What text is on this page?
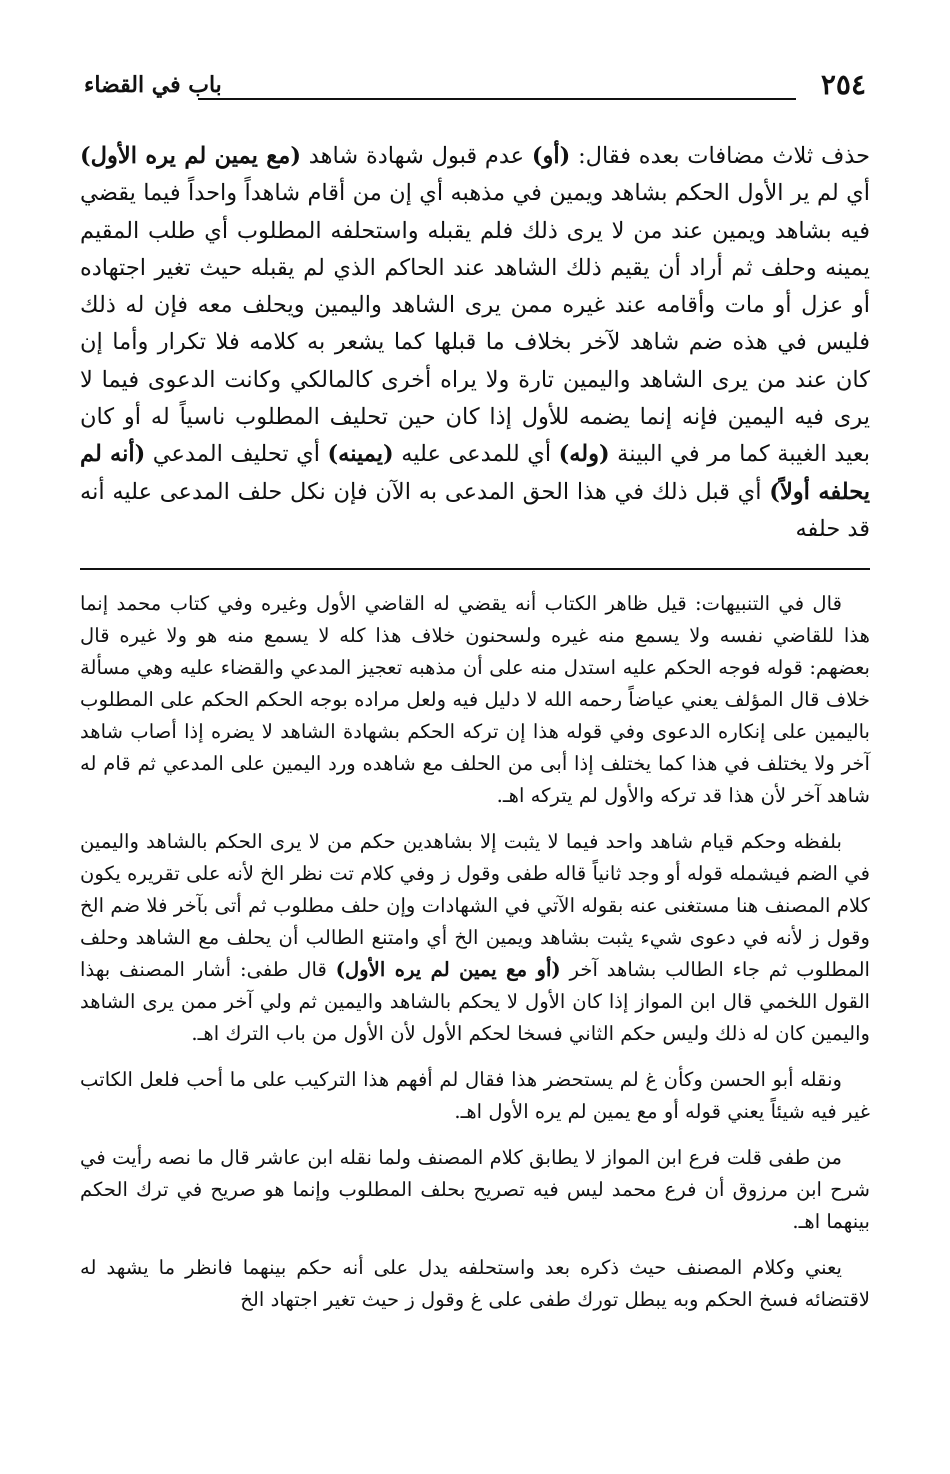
٢٥٤
باب في القضاء

حذف ثلاث مضافات بعده فقال: (أو) عدم قبول شهادة شاهد (مع يمين لم يره الأول) أي لم ير الأول الحكم بشاهد ويمين في مذهبه أي إن من أقام شاهداً واحداً فيما يقضي فيه بشاهد ويمين عند من لا يرى ذلك فلم يقبله واستحلفه المطلوب أي طلب المقيم يمينه وحلف ثم أراد أن يقيم ذلك الشاهد عند الحاكم الذي لم يقبله حيث تغير اجتهاده أو عزل أو مات وأقامه عند غيره ممن يرى الشاهد واليمين ويحلف معه فإن له ذلك فليس في هذه ضم شاهد لآخر بخلاف ما قبلها كما يشعر به كلامه فلا تكرار وأما إن كان عند من يرى الشاهد واليمين تارة ولا يراه أخرى كالمالكي وكانت الدعوى فيما لا يرى فيه اليمين فإنه إنما يضمه للأول إذا كان حين تحليف المطلوب ناسياً له أو كان بعيد الغيبة كما مر في البينة (وله) أي للمدعى عليه (يمينه) أي تحليف المدعي (أنه لم يحلفه أولاً) أي قبل ذلك في هذا الحق المدعى به الآن فإن نكل حلف المدعى عليه أنه قد حلفه

قال في التنبيهات: قيل ظاهر الكتاب أنه يقضي له القاضي الأول وغيره وفي كتاب محمد إنما هذا للقاضي نفسه ولا يسمع منه غيره ولسحنون خلاف هذا كله لا يسمع منه هو ولا غيره قال بعضهم: قوله فوجه الحكم عليه استدل منه على أن مذهبه تعجيز المدعي والقضاء عليه وهي مسألة خلاف قال المؤلف يعني عياضاً رحمه الله لا دليل فيه ولعل مراده بوجه الحكم الحكم على المطلوب باليمين على إنكاره الدعوى وفي قوله هذا إن تركه الحكم بشهادة الشاهد لا يضره إذا أصاب شاهد آخر ولا يختلف في هذا كما يختلف إذا أبى من الحلف مع شاهده ورد اليمين على المدعي ثم قام له شاهد آخر لأن هذا قد تركه والأول لم يتركه اهـ.

بلفظه وحكم قيام شاهد واحد فيما لا يثبت إلا بشاهدين حكم من لا يرى الحكم بالشاهد واليمين في الضم فيشمله قوله أو وجد ثانياً قاله طفى وقول ز وفي كلام تت نظر الخ لأنه على تقريره يكون كلام المصنف هنا مستغنى عنه بقوله الآتي في الشهادات وإن حلف مطلوب ثم أتى بآخر فلا ضم الخ وقول ز لأنه في دعوى شيء يثبت بشاهد ويمين الخ أي وامتنع الطالب أن يحلف مع الشاهد وحلف المطلوب ثم جاء الطالب بشاهد آخر (أو مع يمين لم يره الأول) قال طفى: أشار المصنف بهذا القول اللخمي قال ابن المواز إذا كان الأول لا يحكم بالشاهد واليمين ثم ولي آخر ممن يرى الشاهد واليمين كان له ذلك وليس حكم الثاني فسخا لحكم الأول لأن الأول من باب الترك اهـ.

ونقله أبو الحسن وكأن غ لم يستحضر هذا فقال لم أفهم هذا التركيب على ما أحب فلعل الكاتب غير فيه شيئاً يعني قوله أو مع يمين لم يره الأول اهـ.

من طفى قلت فرع ابن المواز لا يطابق كلام المصنف ولما نقله ابن عاشر قال ما نصه رأيت في شرح ابن مرزوق أن فرع محمد ليس فيه تصريح بحلف المطلوب وإنما هو صريح في ترك الحكم بينهما اهـ.

يعني وكلام المصنف حيث ذكره بعد واستحلفه يدل على أنه حكم بينهما فانظر ما يشهد له لاقتضائه فسخ الحكم وبه يبطل تورك طفى على غ وقول ز حيث تغير اجتهاد الخ
